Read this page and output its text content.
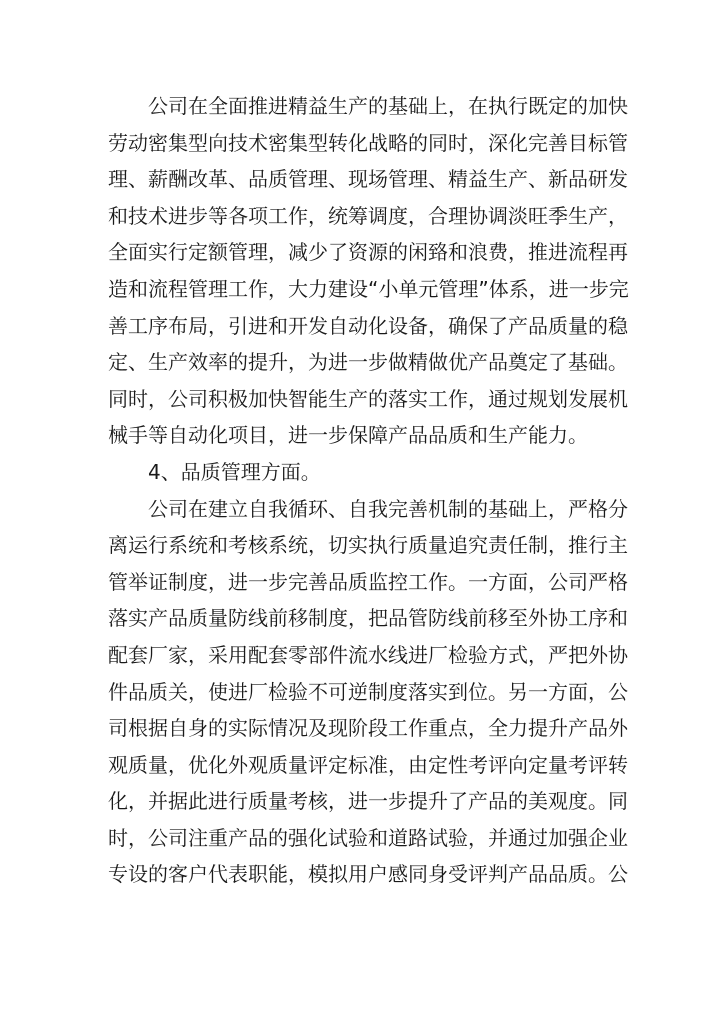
　　公司在全面推进精益生产的基础上，在执行既定的加快
劳动密集型向技术密集型转化战略的同时，深化完善目标管
理、薪酬改革、品质管理、现场管理、精益生产、新品研发
和技术进步等各项工作，统筹调度，合理协调淡旺季生产，
全面实行定额管理，减少了资源的闲臵和浪费，推进流程再
造和流程管理工作，大力建设“小单元管理”体系，进一步完
善工序布局，引进和开发自动化设备，确保了产品质量的稳
定、生产效率的提升，为进一步做精做优产品奠定了基础。
同时，公司积极加快智能生产的落实工作，通过规划发展机
械手等自动化项目，进一步保障产品品质和生产能力。
　　4、品质管理方面。
　　公司在建立自我循环、自我完善机制的基础上，严格分
离运行系统和考核系统，切实执行质量追究责任制，推行主
管举证制度，进一步完善品质监控工作。一方面，公司严格
落实产品质量防线前移制度，把品管防线前移至外协工序和
配套厂家，采用配套零部件流水线进厂检验方式，严把外协
件品质关，使进厂检验不可逆制度落实到位。另一方面，公
司根据自身的实际情况及现阶段工作重点，全力提升产品外
观质量，优化外观质量评定标准，由定性考评向定量考评转
化，并据此进行质量考核，进一步提升了产品的美观度。同
时，公司注重产品的强化试验和道路试验，并通过加强企业
专设的客户代表职能，模拟用户感同身受评判产品品质。公
